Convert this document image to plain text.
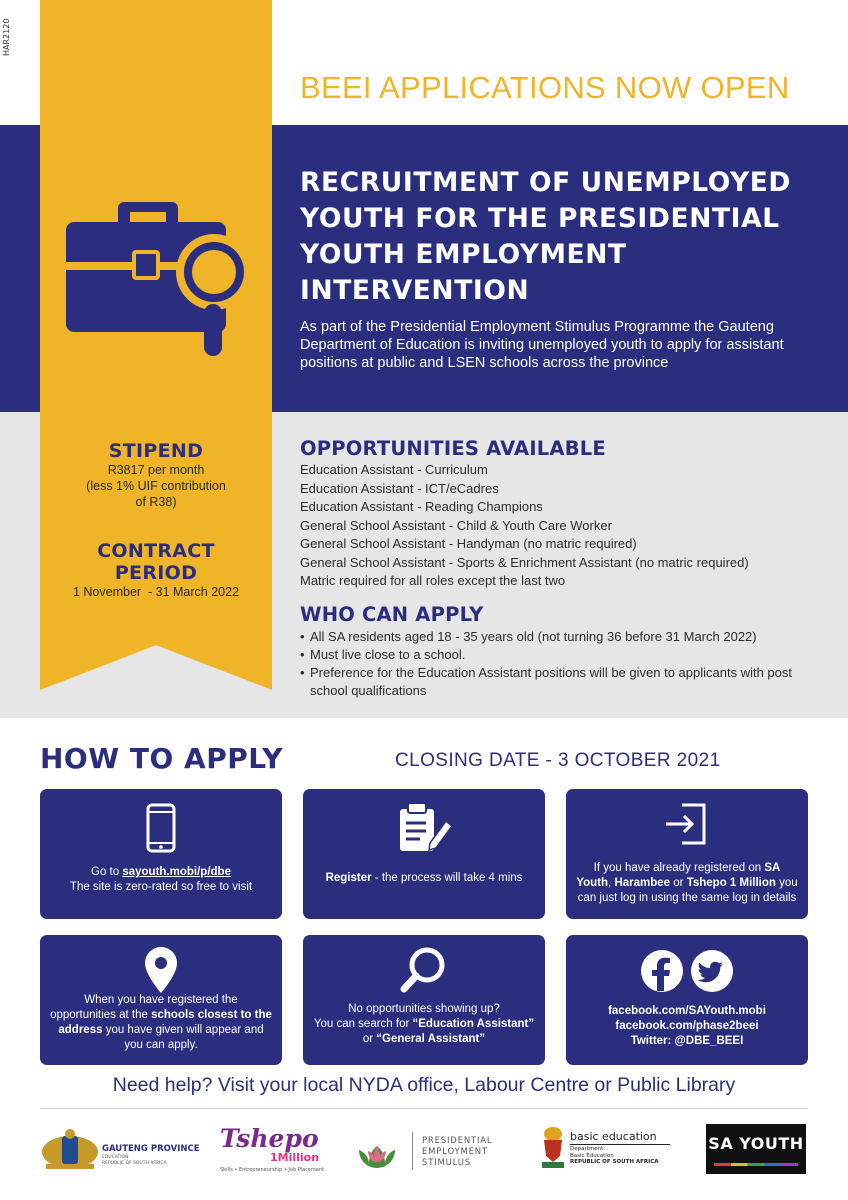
HAR2120
BEEI APPLICATIONS NOW OPEN
RECRUITMENT OF UNEMPLOYED YOUTH FOR THE PRESIDENTIAL YOUTH EMPLOYMENT INTERVENTION
As part of the Presidential Employment Stimulus Programme the Gauteng Department of Education is inviting unemployed youth to apply for assistant positions at public and LSEN schools across the province
STIPEND
R3817 per month
(less 1% UIF contribution
of R38)
CONTRACT
PERIOD
1 November  - 31 March 2022
OPPORTUNITIES AVAILABLE
Education Assistant - Curriculum
Education Assistant - ICT/eCadres
Education Assistant - Reading Champions
General School Assistant - Child & Youth Care Worker
General School Assistant - Handyman (no matric required)
General School Assistant - Sports & Enrichment Assistant (no matric required)
Matric required for all roles except the last two
WHO CAN APPLY
• All SA residents aged 18 - 35 years old (not turning 36 before 31 March 2022)
• Must live close to a school.
• Preference for the Education Assistant positions will be given to applicants with post school qualifications
HOW TO APPLY	CLOSING DATE - 3 OCTOBER 2021
Go to sayouth.mobi/p/dbe
The site is zero-rated so free to visit
Register - the process will take 4 mins
If you have already registered on SA Youth, Harambee or Tshepo 1 Million you can just log in using the same log in details
When you have registered the opportunities at the schools closest to the address you have given will appear and you can apply.
No opportunities showing up?
You can search for “Education Assistant” or “General Assistant”
facebook.com/SAYouth.mobi
facebook.com/phase2beei
Twitter: @DBE_BEEI
Need help? Visit your local NYDA office, Labour Centre or Public Library
GAUTENG PROVINCE
EDUCATION
REPUBLIC OF SOUTH AFRICA
Tshepo
1Million
Skills • Entrepreneurship • Job Placement
PRESIDENTIAL
EMPLOYMENT
STIMULUS
basic education
Department:
Basic Education
REPUBLIC OF SOUTH AFRICA
SA YOUTH
